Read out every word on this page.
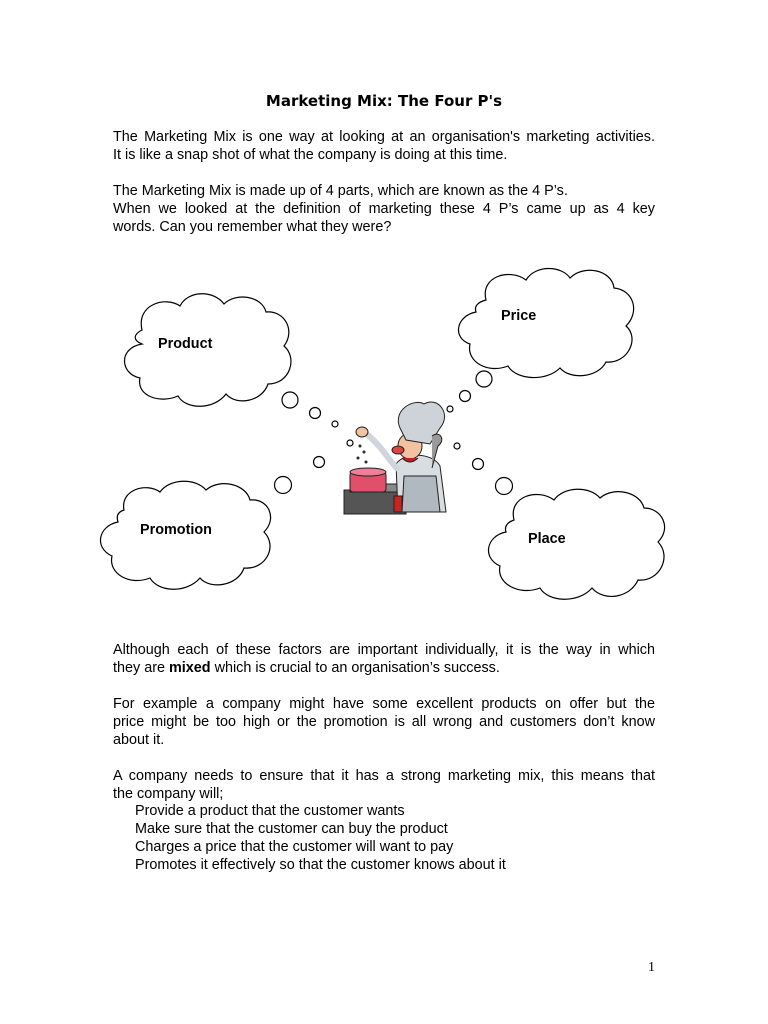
Marketing Mix: The Four P's

The Marketing Mix is one way at looking at an organisation's marketing activities.
It is like a snap shot of what the company is doing at this time.

The Marketing Mix is made up of 4 parts, which are known as the 4 P’s.
When we looked at the definition of marketing these 4 P’s came up as 4 key
words. Can you remember what they were?

Product
Price
Promotion
Place

Although each of these factors are important individually, it is the way in which
they are mixed which is crucial to an organisation’s success.

For example a company might have some excellent products on offer but the
price might be too high or the promotion is all wrong and customers don’t know
about it.

A company needs to ensure that it has a strong marketing mix, this means that
the company will;

Provide a product that the customer wants
Make sure that the customer can buy the product
Charges a price that the customer will want to pay
Promotes it effectively so that the customer knows about it
1
